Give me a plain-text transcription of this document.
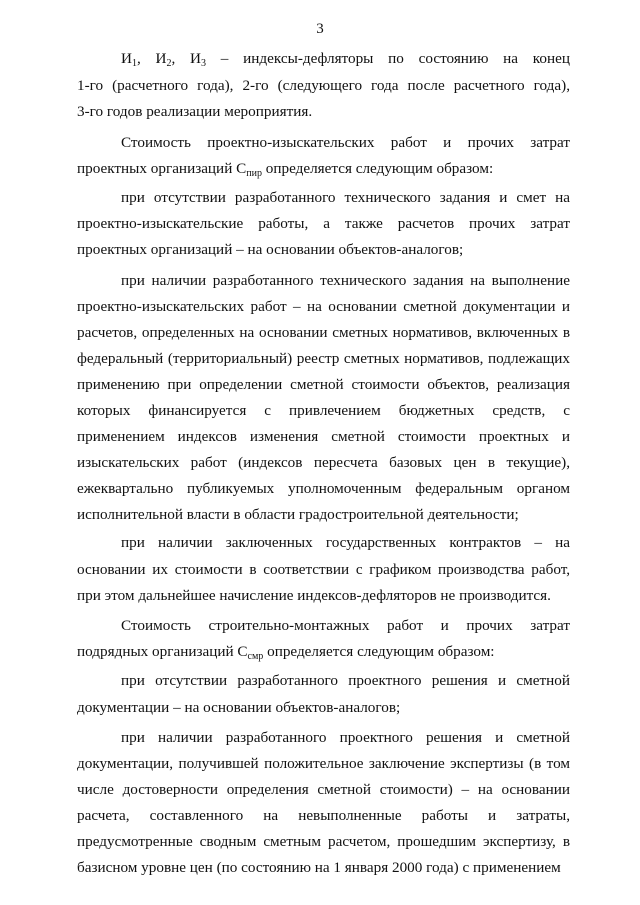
3
$И_1$, $И_2$, $И_3$ – индексы-дефляторы по состоянию на конец
1-го (расчетного года), 2-го (следующего года после расчетного года),
3-го годов реализации мероприятия.
Стоимость проектно-изыскательских работ и прочих затрат
проектных организаций $С_{пир}$ определяется следующим образом:
при отсутствии разработанного технического задания и смет на
проектно-изыскательские работы, а также расчетов прочих затрат
проектных организаций – на основании объектов-аналогов;
при наличии разработанного технического задания на выполнение
проектно-изыскательских работ – на основании сметной документации и
расчетов, определенных на основании сметных нормативов, включенных в
федеральный (территориальный) реестр сметных нормативов, подлежащих
применению при определении сметной стоимости объектов, реализация
которых финансируется с привлечением бюджетных средств, с
применением индексов изменения сметной стоимости проектных и
изыскательских работ (индексов пересчета базовых цен в текущие),
ежеквартально публикуемых уполномоченным федеральным органом
исполнительной власти в области градостроительной деятельности;
при наличии заключенных государственных контрактов – на
основании их стоимости в соответствии с графиком производства работ,
при этом дальнейшее начисление индексов-дефляторов не производится.
Стоимость строительно-монтажных работ и прочих затрат
подрядных организаций $С_{смр}$ определяется следующим образом:
при отсутствии разработанного проектного решения и сметной
документации – на основании объектов-аналогов;
при наличии разработанного проектного решения и сметной
документации, получившей положительное заключение экспертизы (в том
числе достоверности определения сметной стоимости) – на основании
расчета, составленного на невыполненные работы и затраты,
предусмотренные сводным сметным расчетом, прошедшим экспертизу, в
базисном уровне цен (по состоянию на 1 января 2000 года) с применением
